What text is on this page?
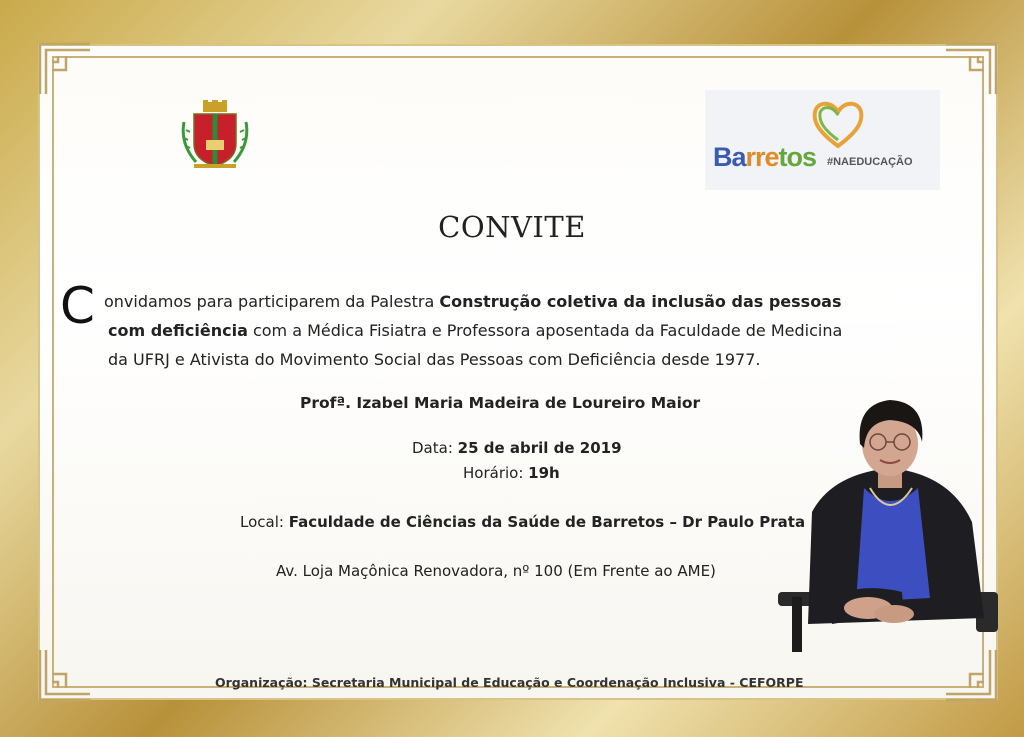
Barretos #NAEDUCAÇÃO
CONVITE
C onvidamos para participarem da Palestra Construção coletiva da inclusão das pessoas
com deficiência com a Médica Fisiatra e Professora aposentada da Faculdade de Medicina
da UFRJ e Ativista do Movimento Social das Pessoas com Deficiência desde 1977.
Profª. Izabel Maria Madeira de Loureiro Maior
Data: 25 de abril de 2019
Horário: 19h
Local: Faculdade de Ciências da Saúde de Barretos – Dr Paulo Prata
Av. Loja Maçônica Renovadora, nº 100 (Em Frente ao AME)
Organização: Secretaria Municipal de Educação e Coordenação Inclusiva - CEFORPE
